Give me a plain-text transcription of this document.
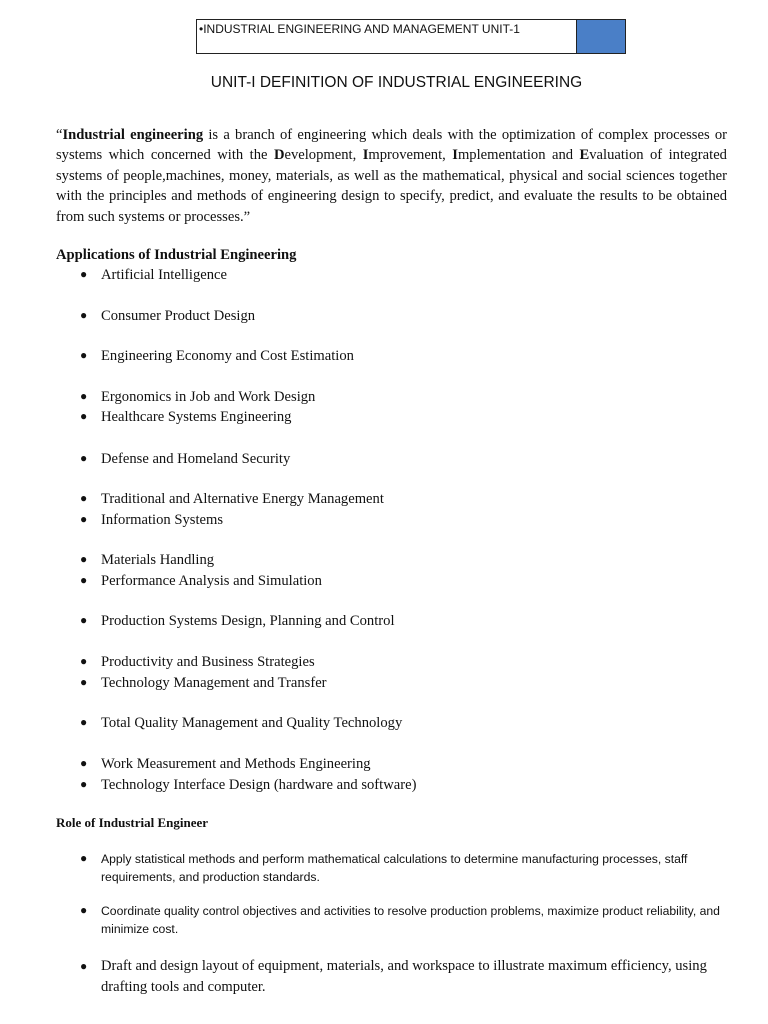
•INDUSTRIAL ENGINEERING AND MANAGEMENT UNIT-1
UNIT-I DEFINITION OF INDUSTRIAL ENGINEERING

“Industrial engineering is a branch of engineering which deals with the optimization of complex processes or systems which concerned with the Development, Improvement, Implementation and Evaluation of integrated systems of people,machines, money, materials, as well as the mathematical, physical and social sciences together with the principles and methods of engineering design to specify, predict, and evaluate the results to be obtained from such systems or processes.”

Applications of Industrial Engineering
● Artificial Intelligence
● Consumer Product Design
● Engineering Economy and Cost Estimation
● Ergonomics in Job and Work Design
● Healthcare Systems Engineering
● Defense and Homeland Security
● Traditional and Alternative Energy Management
● Information Systems
● Materials Handling
● Performance Analysis and Simulation
● Production Systems Design, Planning and Control
● Productivity and Business Strategies
● Technology Management and Transfer
● Total Quality Management and Quality Technology
● Work Measurement and Methods Engineering
● Technology Interface Design (hardware and software)
Role of Industrial Engineer
● Apply statistical methods and perform mathematical calculations to determine manufacturing processes, staff requirements, and production standards.
● Coordinate quality control objectives and activities to resolve production problems, maximize product reliability, and minimize cost.
● Draft and design layout of equipment, materials, and workspace to illustrate maximum efficiency, using drafting tools and computer.
